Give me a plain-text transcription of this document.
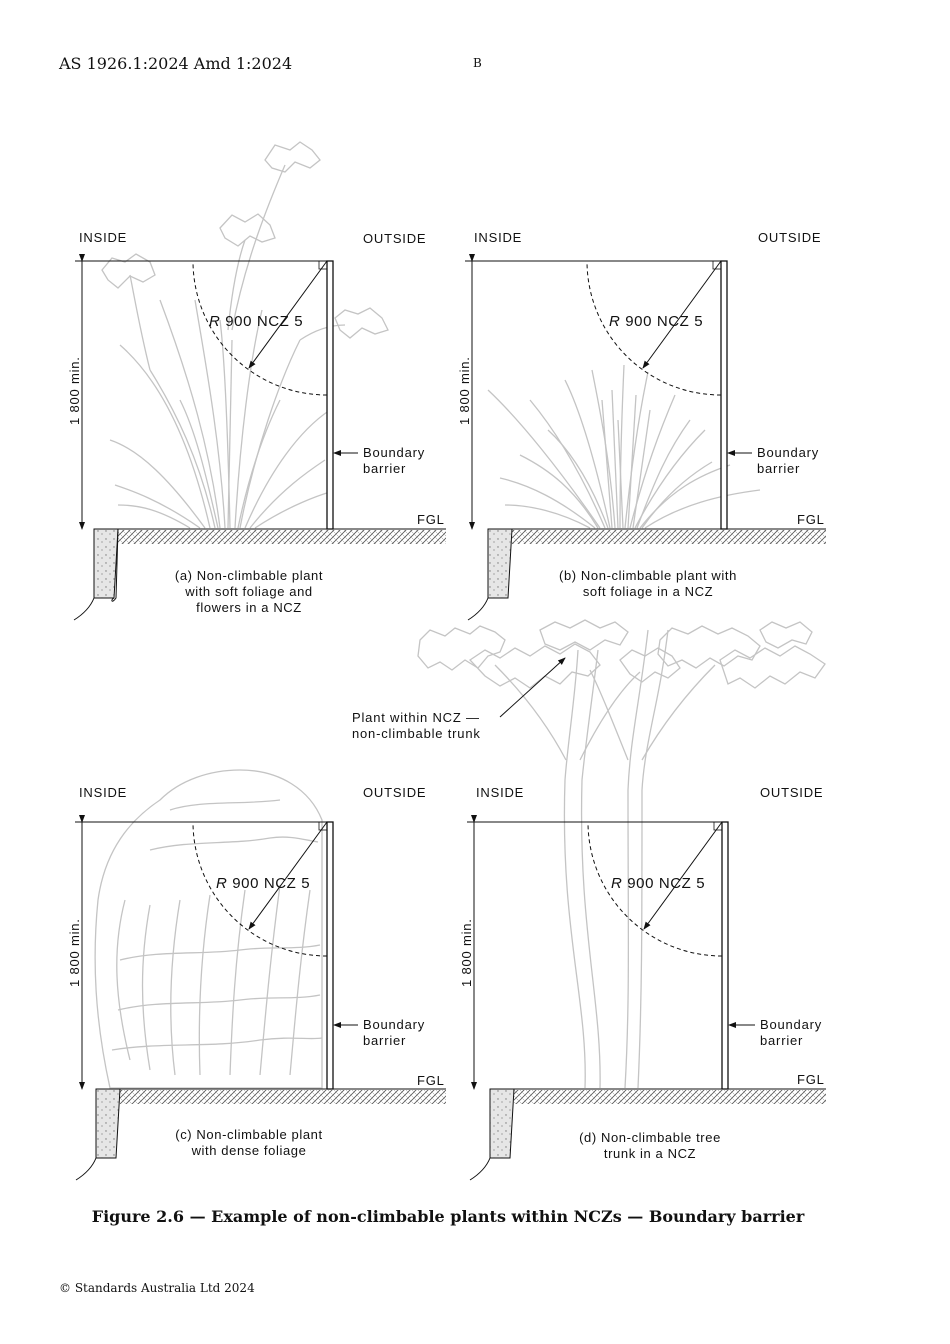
AS 1926.1:2024 Amd 1:2024	B
INSIDE	OUTSIDE
R 900 NCZ 5
1 800 min.
Boundary
barrier
FGL
(a) Non-climbable plant
with soft foliage and
flowers in a NCZ
INSIDE	OUTSIDE
R 900 NCZ 5
1 800 min.
Boundary
barrier
FGL
(b) Non-climbable plant with
soft foliage in a NCZ
Plant within NCZ —
non-climbable trunk
INSIDE	OUTSIDE
R 900 NCZ 5
1 800 min.
Boundary
barrier
FGL
(c) Non-climbable plant
with dense foliage
INSIDE	OUTSIDE
R 900 NCZ 5
1 800 min.
Boundary
barrier
FGL
(d) Non-climbable tree
trunk in a NCZ
Figure 2.6 — Example of non-climbable plants within NCZs — Boundary barrier
© Standards Australia Ltd 2024
